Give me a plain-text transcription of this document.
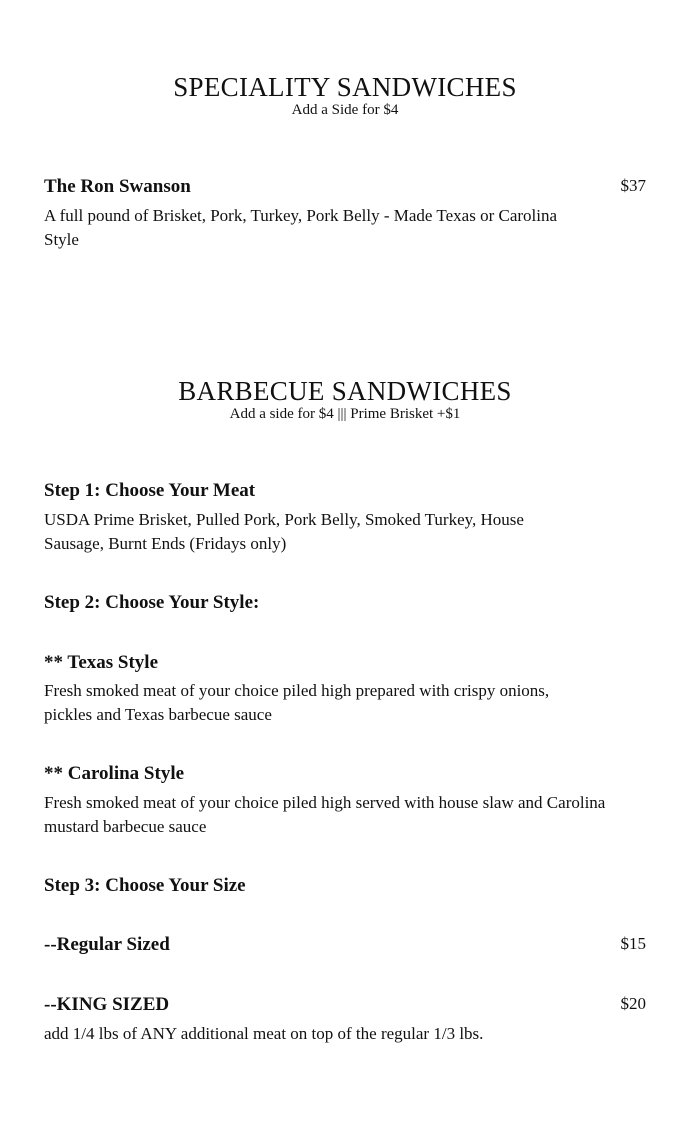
SPECIALITY SANDWICHES
Add a Side for $4
The Ron Swanson	$37
A full pound of Brisket, Pork, Turkey, Pork Belly - Made Texas or Carolina Style
BARBECUE SANDWICHES
Add a side for $4 ||| Prime Brisket +$1
Step 1: Choose Your Meat
USDA Prime Brisket, Pulled Pork, Pork Belly, Smoked Turkey, House Sausage, Burnt Ends (Fridays only)
Step 2: Choose Your Style:
** Texas Style
Fresh smoked meat of your choice piled high prepared with crispy onions, pickles and Texas barbecue sauce
** Carolina Style
Fresh smoked meat of your choice piled high served with house slaw and Carolina mustard barbecue sauce
Step 3: Choose Your Size
--Regular Sized	$15
--KING SIZED	$20
add 1/4 lbs of ANY additional meat on top of the regular 1/3 lbs.
